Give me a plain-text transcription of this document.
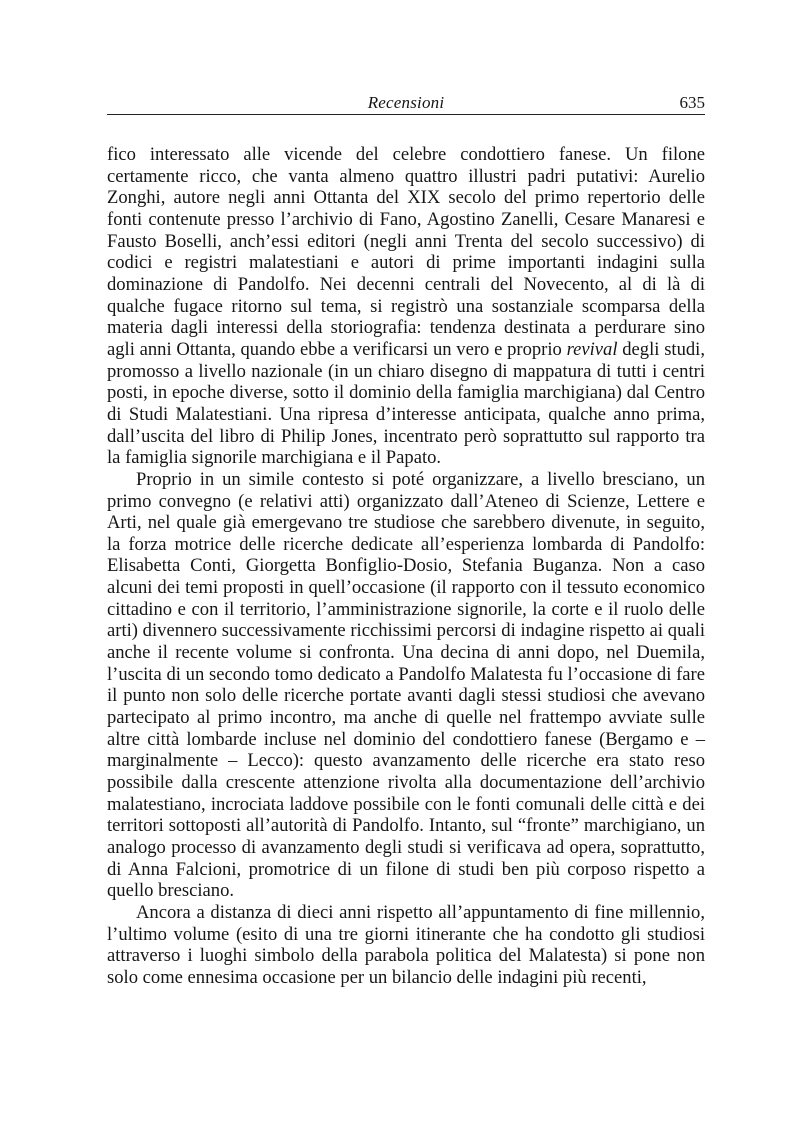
Recensioni	635

fico interessato alle vicende del celebre condottiero fanese. Un filone certamente ricco, che vanta almeno quattro illustri padri putativi: Aurelio Zonghi, autore negli anni Ottanta del XIX secolo del primo repertorio delle fonti contenute presso l’archivio di Fano, Agostino Zanelli, Cesare Manaresi e Fausto Boselli, anch’essi editori (negli anni Trenta del secolo successivo) di codici e registri malatestiani e autori di prime importanti indagini sulla dominazione di Pandolfo. Nei decenni centrali del Novecento, al di là di qualche fugace ritorno sul tema, si registrò una sostanziale scomparsa della materia dagli interessi della storiografia: tendenza destinata a perdurare sino agli anni Ottanta, quando ebbe a verificarsi un vero e proprio revival degli studi, promosso a livello nazionale (in un chiaro disegno di mappatura di tutti i centri posti, in epoche diverse, sotto il dominio della famiglia marchigiana) dal Centro di Studi Malatestiani. Una ripresa d’interesse anticipata, qualche anno prima, dall’uscita del libro di Philip Jones, incentrato però soprattutto sul rapporto tra la famiglia signorile marchigiana e il Papato.

Proprio in un simile contesto si poté organizzare, a livello bresciano, un primo convegno (e relativi atti) organizzato dall’Ateneo di Scienze, Lettere e Arti, nel quale già emergevano tre studiose che sarebbero divenute, in seguito, la forza motrice delle ricerche dedicate all’esperienza lombarda di Pandolfo: Elisabetta Conti, Giorgetta Bonfiglio-Dosio, Stefania Buganza. Non a caso alcuni dei temi proposti in quell’occasione (il rapporto con il tessuto economico cittadino e con il territorio, l’amministrazione signorile, la corte e il ruolo delle arti) divennero successivamente ricchissimi percorsi di indagine rispetto ai quali anche il recente volume si confronta. Una decina di anni dopo, nel Duemila, l’uscita di un secondo tomo dedicato a Pandolfo Malatesta fu l’occasione di fare il punto non solo delle ricerche portate avanti dagli stessi studiosi che avevano partecipato al primo incontro, ma anche di quelle nel frattempo avviate sulle altre città lombarde incluse nel dominio del condottiero fanese (Bergamo e – marginalmente – Lecco): questo avanzamento delle ricerche era stato reso possibile dalla crescente attenzione rivolta alla documentazione dell’archivio malatestiano, incrociata laddove possibile con le fonti comunali delle città e dei territori sottoposti all’autorità di Pandolfo. Intanto, sul “fronte” marchigiano, un analogo processo di avanzamento degli studi si verificava ad opera, soprattutto, di Anna Falcioni, promotrice di un filone di studi ben più corposo rispetto a quello bresciano.

Ancora a distanza di dieci anni rispetto all’appuntamento di fine millennio, l’ultimo volume (esito di una tre giorni itinerante che ha condotto gli studiosi attraverso i luoghi simbolo della parabola politica del Malatesta) si pone non solo come ennesima occasione per un bilancio delle indagini più recenti,
